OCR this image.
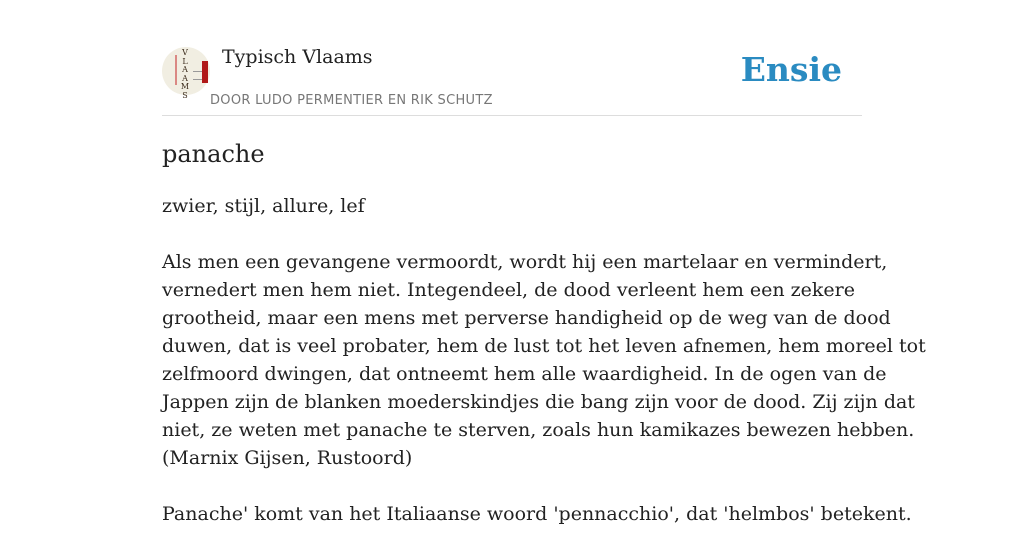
V
L
A
A
M
S
Typisch Vlaams
DOOR LUDO PERMENTIER EN RIK SCHUTZ
Ensie
panache

zwier, stijl, allure, lef

Als men een gevangene vermoordt, wordt hij een martelaar en vermindert,
vernedert men hem niet. Integendeel, de dood verleent hem een zekere
grootheid, maar een mens met perverse handigheid op de weg van de dood
duwen, dat is veel probater, hem de lust tot het leven afnemen, hem moreel tot
zelfmoord dwingen, dat ontneemt hem alle waardigheid. In de ogen van de
Jappen zijn de blanken moederskindjes die bang zijn voor de dood. Zij zijn dat
niet, ze weten met panache te sterven, zoals hun kamikazes bewezen hebben.
(Marnix Gijsen, Rustoord)

Panache' komt van het Italiaanse woord 'pennacchio', dat 'helmbos' betekent.
